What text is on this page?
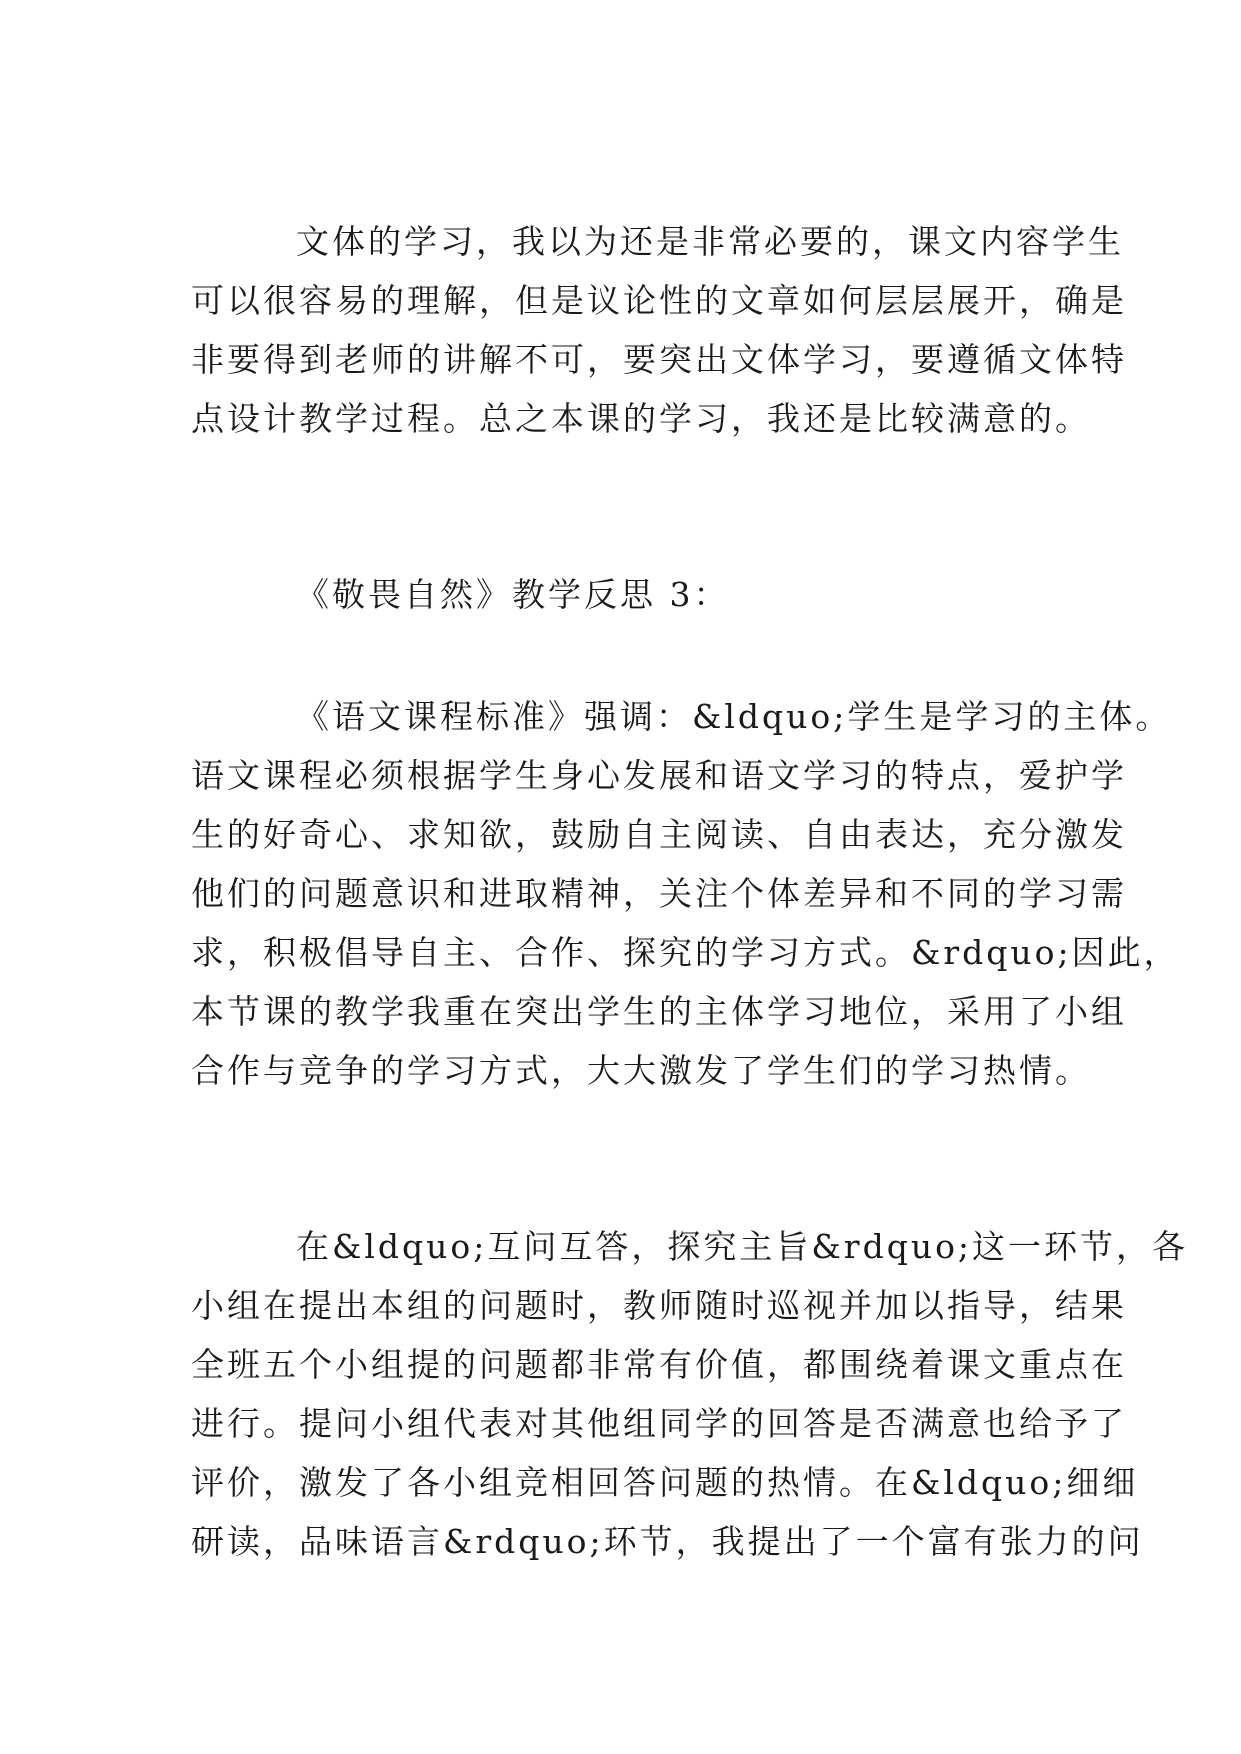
文体的学习，我以为还是非常必要的，课文内容学生
可以很容易的理解，但是议论性的文章如何层层展开，确是
非要得到老师的讲解不可，要突出文体学习，要遵循文体特
点设计教学过程。总之本课的学习，我还是比较满意的。
《敬畏自然》教学反思 3：
《语文课程标准》强调：&ldquo;学生是学习的主体。
语文课程必须根据学生身心发展和语文学习的特点，爱护学
生的好奇心、求知欲，鼓励自主阅读、自由表达，充分激发
他们的问题意识和进取精神，关注个体差异和不同的学习需
求，积极倡导自主、合作、探究的学习方式。&rdquo;因此，
本节课的教学我重在突出学生的主体学习地位，采用了小组
合作与竞争的学习方式，大大激发了学生们的学习热情。
在&ldquo;互问互答，探究主旨&rdquo;这一环节，各
小组在提出本组的问题时，教师随时巡视并加以指导，结果
全班五个小组提的问题都非常有价值，都围绕着课文重点在
进行。提问小组代表对其他组同学的回答是否满意也给予了
评价，激发了各小组竞相回答问题的热情。在&ldquo;细细
研读，品味语言&rdquo;环节，我提出了一个富有张力的问
